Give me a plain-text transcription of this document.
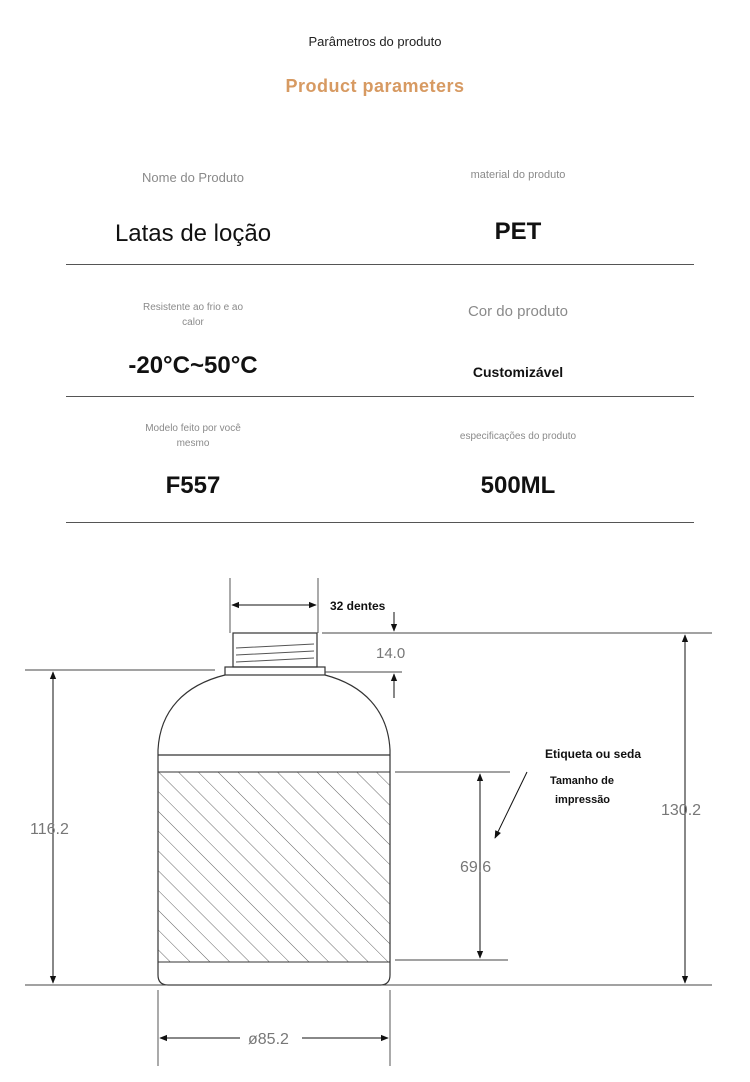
Parâmetros do produto
Product parameters
Nome do Produto
Latas de loção
material do produto
PET
Resistente ao frio e ao
calor
-20°C~50°C
Cor do produto
Customizável
Modelo feito por você
mesmo
F557
especificações do produto
500ML
32 dentes
14.0
116.2
130.2
69.6
ø85.2
Etiqueta ou seda
Tamanho de
impressão
